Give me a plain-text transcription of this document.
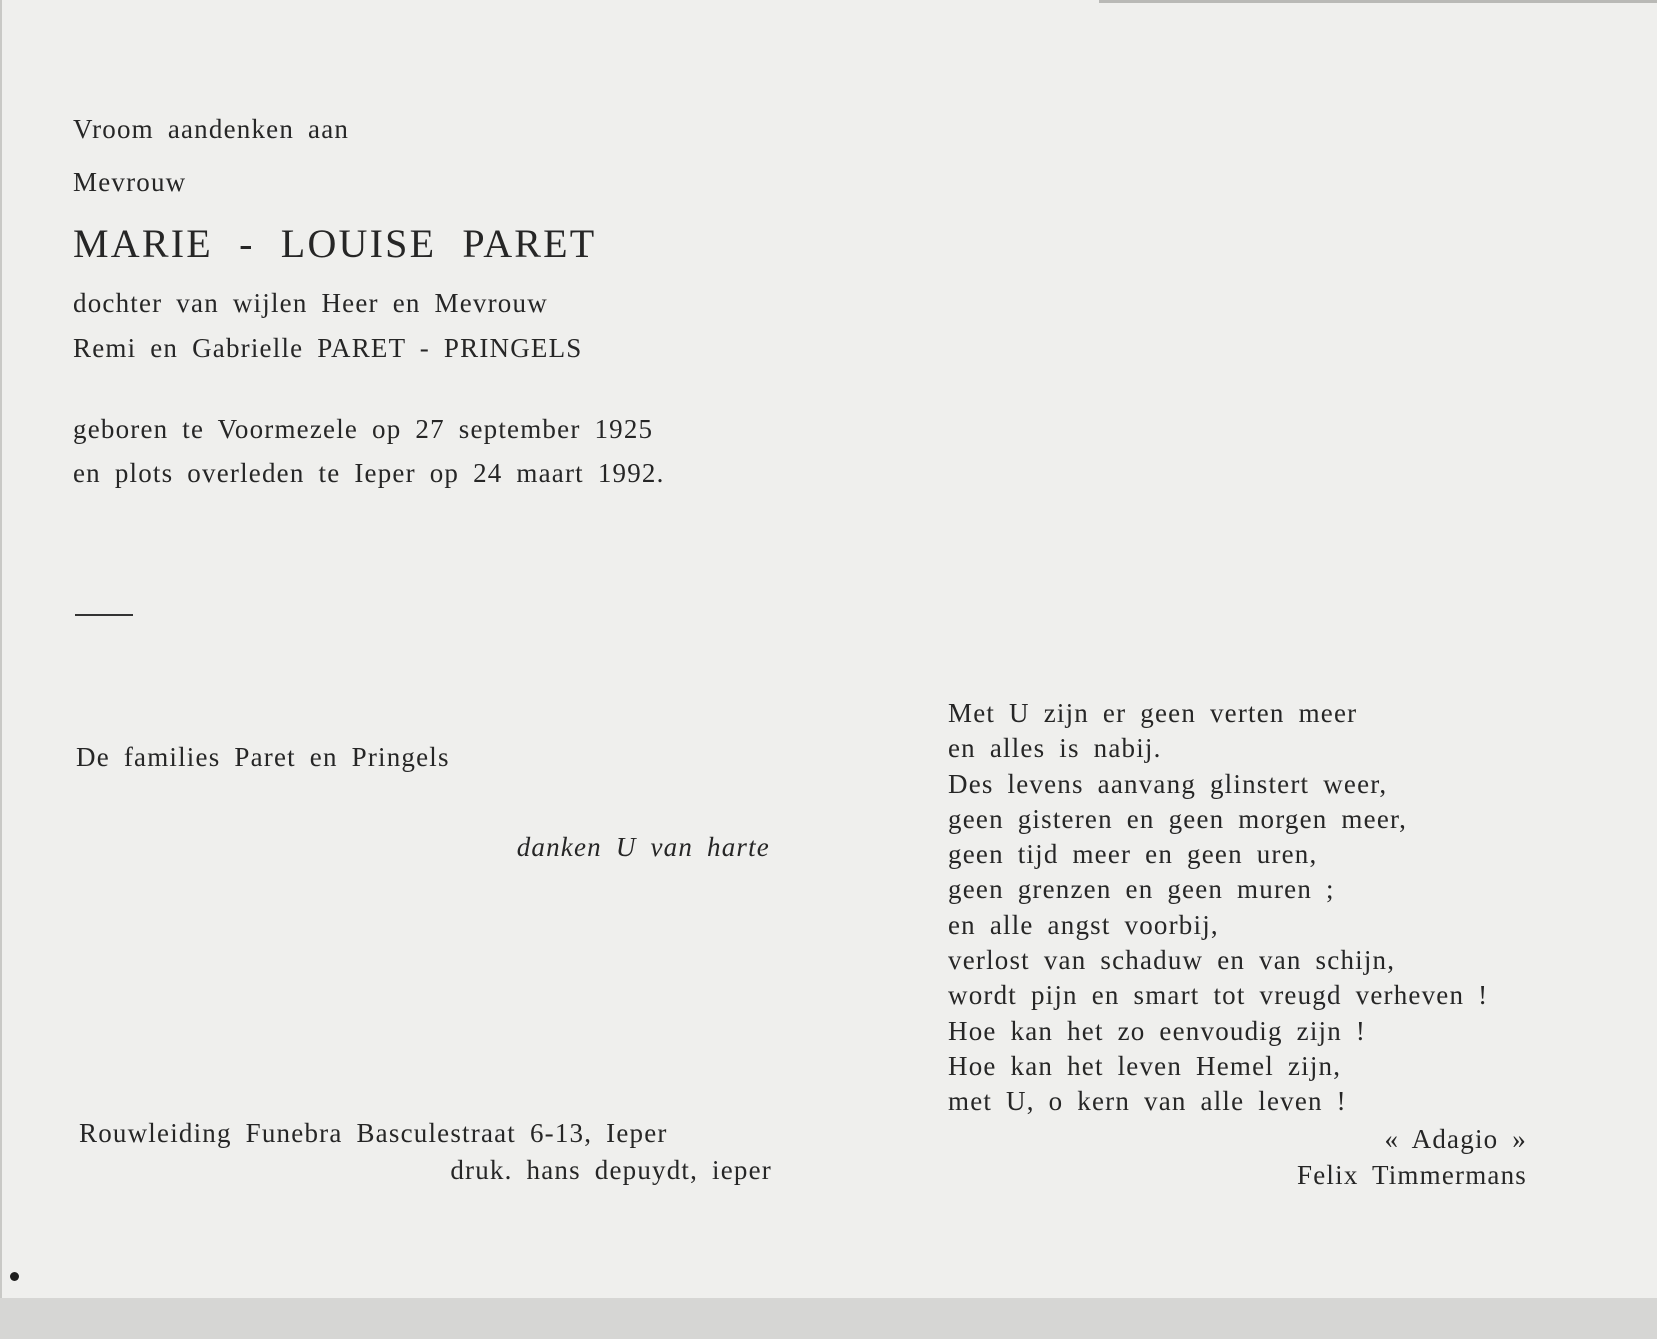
Vroom aandenken aan
Mevrouw
MARIE - LOUISE PARET
dochter van wijlen Heer en Mevrouw
Remi en Gabrielle PARET - PRINGELS
geboren te Voormezele op 27 september 1925
en plots overleden te Ieper op 24 maart 1992.
De families Paret en Pringels
danken U van harte
Rouwleiding Funebra Basculestraat 6-13, Ieper
druk. hans depuydt, ieper
Met U zijn er geen verten meer
en alles is nabij.
Des levens aanvang glinstert weer,
geen gisteren en geen morgen meer,
geen tijd meer en geen uren,
geen grenzen en geen muren ;
en alle angst voorbij,
verlost van schaduw en van schijn,
wordt pijn en smart tot vreugd verheven !
Hoe kan het zo eenvoudig zijn !
Hoe kan het leven Hemel zijn,
met U, o kern van alle leven !
« Adagio »
Felix Timmermans
